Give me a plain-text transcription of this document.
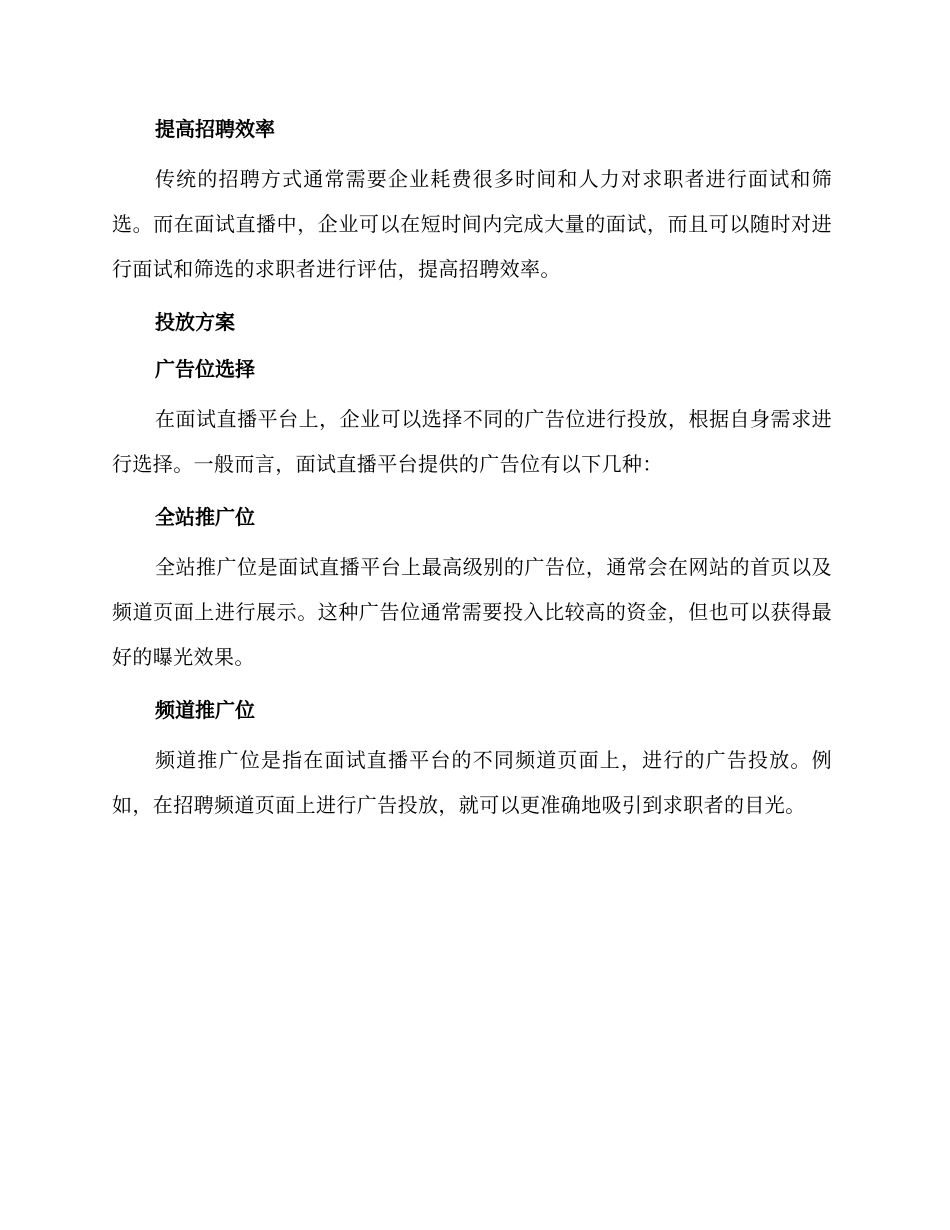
提高招聘效率

传统的招聘方式通常需要企业耗费很多时间和人力对求职者进行面试和筛选。而在面试直播中，企业可以在短时间内完成大量的面试，而且可以随时对进行面试和筛选的求职者进行评估，提高招聘效率。

投放方案
广告位选择

在面试直播平台上，企业可以选择不同的广告位进行投放，根据自身需求进行选择。一般而言，面试直播平台提供的广告位有以下几种：

全站推广位

全站推广位是面试直播平台上最高级别的广告位，通常会在网站的首页以及频道页面上进行展示。这种广告位通常需要投入比较高的资金，但也可以获得最好的曝光效果。

频道推广位

频道推广位是指在面试直播平台的不同频道页面上，进行的广告投放。例如，在招聘频道页面上进行广告投放，就可以更准确地吸引到求职者的目光。
